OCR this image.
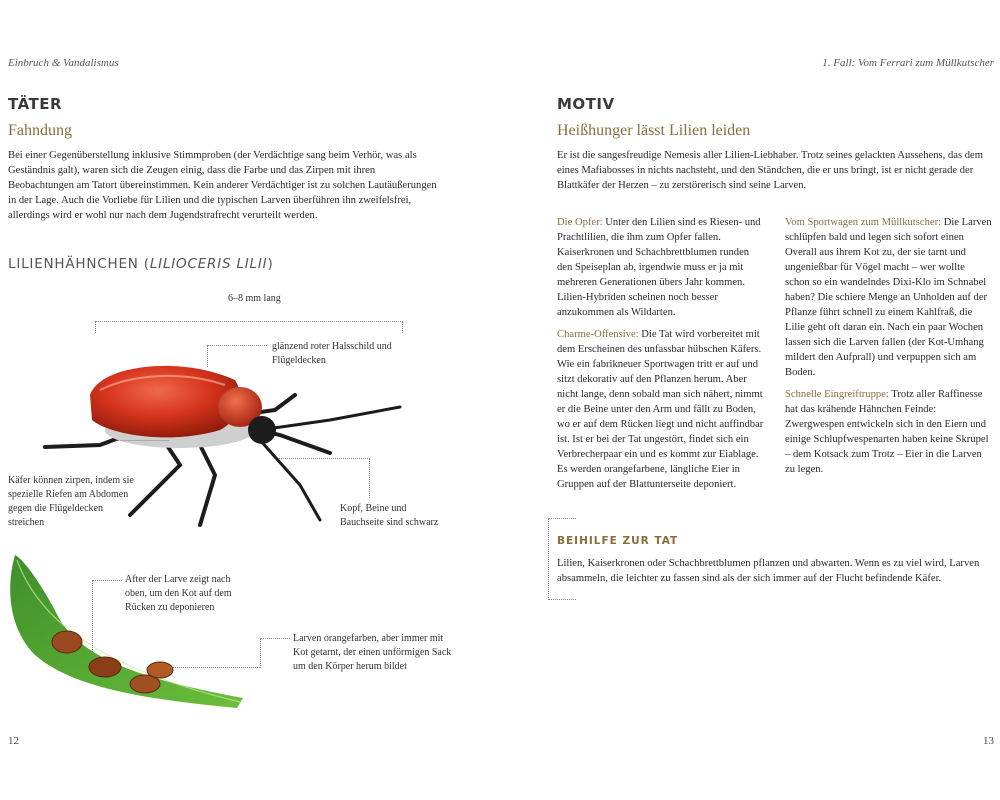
Einbruch & Vandalismus	1. Fall: Vom Ferrari zum Müllkutscher
TÄTER
Fahndung
Bei einer Gegenüberstellung inklusive Stimmproben (der Verdächtige sang beim Verhör, was als Geständnis galt), waren sich die Zeugen einig, dass die Farbe und das Zirpen mit ihren Beobachtungen am Tatort übereinstimmen. Kein anderer Verdächtiger ist zu solchen Lautäußerungen in der Lage. Auch die Vorliebe für Lilien und die typischen Larven überführen ihn zweifelsfrei, allerdings wird er wohl nur nach dem Jugendstrafrecht verurteilt werden.
LILIENHÄHNCHEN (LILIOCERIS LILII)
6–8 mm lang
glänzend roter Halsschild und Flügeldecken
Käfer können zirpen, indem sie spezielle Riefen am Abdomen gegen die Flügeldecken streichen
Kopf, Beine und Bauchseite sind schwarz
After der Larve zeigt nach oben, um den Kot auf dem Rücken zu deponieren
Larven orangefarben, aber immer mit Kot getarnt, der einen unförmigen Sack um den Körper herum bildet
12
MOTIV
Heißhunger lässt Lilien leiden
Er ist die sangesfreudige Nemesis aller Lilien-Liebhaber. Trotz seines gelackten Aussehens, das dem eines Mafiabosses in nichts nachsteht, und den Ständchen, die er uns bringt, ist er nicht gerade der Blattkäfer der Herzen – zu zerstörerisch sind seine Larven.

Die Opfer: Unter den Lilien sind es Riesen- und Prachtlilien, die ihm zum Opfer fallen. Kaiserkronen und Schachbrettblumen runden den Speiseplan ab, irgendwie muss er ja mit mehreren Generationen übers Jahr kommen. Lilien-Hybriden scheinen noch besser anzukommen als Wildarten.

Charme-Offensive: Die Tat wird vorbereitet mit dem Erscheinen des unfassbar hübschen Käfers. Wie ein fabrikneuer Sportwagen tritt er auf und sitzt dekorativ auf den Pflanzen herum. Aber nicht lange, denn sobald man sich nähert, nimmt er die Beine unter den Arm und fällt zu Boden, wo er auf dem Rücken liegt und nicht auffindbar ist. Ist er bei der Tat ungestört, findet sich ein Verbrecherpaar ein und es kommt zur Eiablage. Es werden orangefarbene, längliche Eier in Gruppen auf der Blattunterseite deponiert.

Vom Sportwagen zum Müllkutscher: Die Larven schlüpfen bald und legen sich sofort einen Overall aus ihrem Kot zu, der sie tarnt und ungenießbar für Vögel macht – wer wollte schon so ein wandelndes Dixi-Klo im Schnabel haben? Die schiere Menge an Unholden auf der Pflanze führt schnell zu einem Kahlfraß, die Lilie geht oft daran ein. Nach ein paar Wochen lassen sich die Larven fallen (der Kot-Umhang mildert den Aufprall) und verpuppen sich am Boden.

Schnelle Eingreiftruppe: Trotz aller Raffinesse hat das krähende Hähnchen Feinde: Zwergwespen entwickeln sich in den Eiern und einige Schlupfwespenarten haben keine Skrupel – dem Kotsack zum Trotz – Eier in die Larven zu legen.

BEIHILFE ZUR TAT
Lilien, Kaiserkronen oder Schachbrettblumen pflanzen und abwarten. Wenn es zu viel wird, Larven absammeln, die leichter zu fassen sind als der sich immer auf der Flucht befindende Käfer.
13
